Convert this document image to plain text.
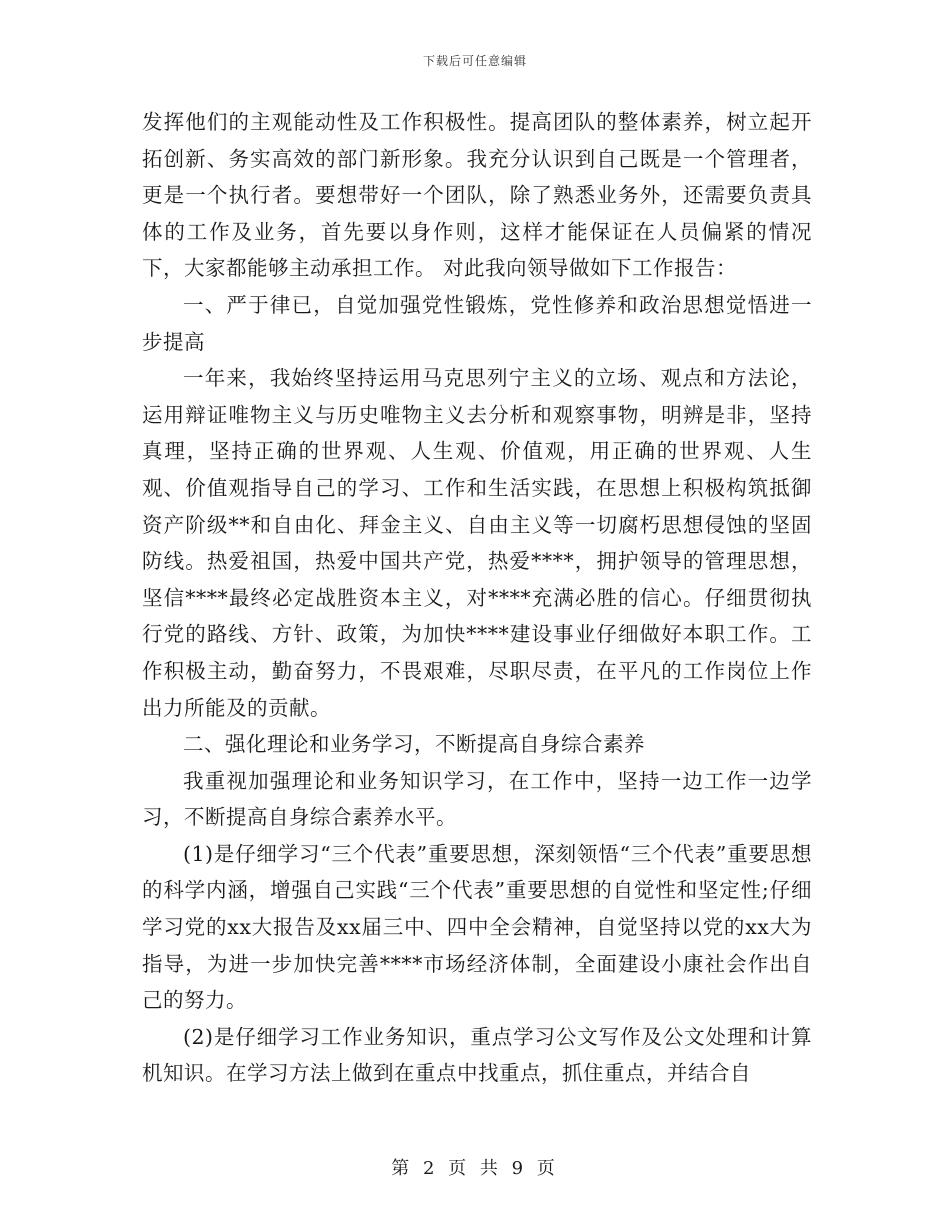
下载后可任意编辑

发挥他们的主观能动性及工作积极性。提高团队的整体素养，树立起开拓创新、务实高效的部门新形象。我充分认识到自己既是一个管理者，更是一个执行者。要想带好一个团队，除了熟悉业务外，还需要负责具体的工作及业务，首先要以身作则，这样才能保证在人员偏紧的情况下，大家都能够主动承担工作。 对此我向领导做如下工作报告：

一、严于律已，自觉加强党性锻炼，党性修养和政治思想觉悟进一步提高

一年来，我始终坚持运用马克思列宁主义的立场、观点和方法论，运用辩证唯物主义与历史唯物主义去分析和观察事物，明辨是非，坚持真理，坚持正确的世界观、人生观、价值观，用正确的世界观、人生观、价值观指导自己的学习、工作和生活实践，在思想上积极构筑抵御资产阶级**和自由化、拜金主义、自由主义等一切腐朽思想侵蚀的坚固防线。热爱祖国，热爱中国共产党，热爱****，拥护领导的管理思想，坚信****最终必定战胜资本主义，对****充满必胜的信心。仔细贯彻执行党的路线、方针、政策，为加快****建设事业仔细做好本职工作。工作积极主动，勤奋努力，不畏艰难，尽职尽责，在平凡的工作岗位上作出力所能及的贡献。

二、强化理论和业务学习，不断提高自身综合素养

我重视加强理论和业务知识学习，在工作中，坚持一边工作一边学习，不断提高自身综合素养水平。

(1)是仔细学习“三个代表”重要思想，深刻领悟“三个代表”重要思想的科学内涵，增强自己实践“三个代表”重要思想的自觉性和坚定性;仔细学习党的xx大报告及xx届三中、四中全会精神，自觉坚持以党的xx大为指导，为进一步加快完善****市场经济体制，全面建设小康社会作出自己的努力。

(2)是仔细学习工作业务知识，重点学习公文写作及公文处理和计算机知识。在学习方法上做到在重点中找重点，抓住重点，并结合自

第 2 页 共 9 页
